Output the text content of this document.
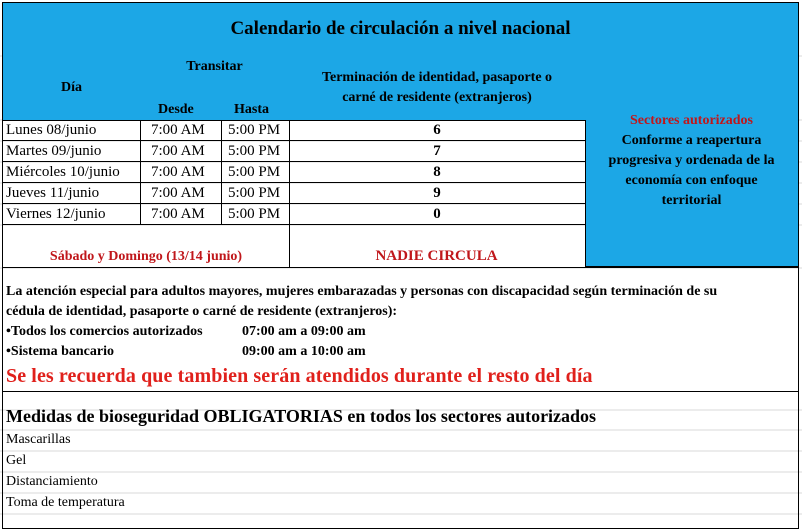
Calendario de circulación a nivel nacional
Día
Transitar
Desde	Hasta
Terminación de identidad, pasaporte o
carné de residente (extranjeros)
Sectores autorizados
Conforme a reapertura
progresiva y ordenada de la
economía con enfoque
territorial
Lunes 08/junio	7:00 AM	5:00 PM	6
Martes 09/junio	7:00 AM	5:00 PM	7
Miércoles 10/junio	7:00 AM	5:00 PM	8
Jueves 11/junio	7:00 AM	5:00 PM	9
Viernes 12/junio	7:00 AM	5:00 PM	0
Sábado y Domingo (13/14 junio)	NADIE CIRCULA
La atención especial para adultos mayores, mujeres embarazadas y personas con discapacidad según terminación de su
cédula de identidad, pasaporte o carné de residente (extranjeros):
•Todos los comercios autorizados	07:00 am a 09:00 am
•Sistema bancario	09:00 am a 10:00 am
Se les recuerda que tambien serán atendidos durante el resto del día
Medidas de bioseguridad OBLIGATORIAS en todos los sectores autorizados
Mascarillas
Gel
Distanciamiento
Toma de temperatura
